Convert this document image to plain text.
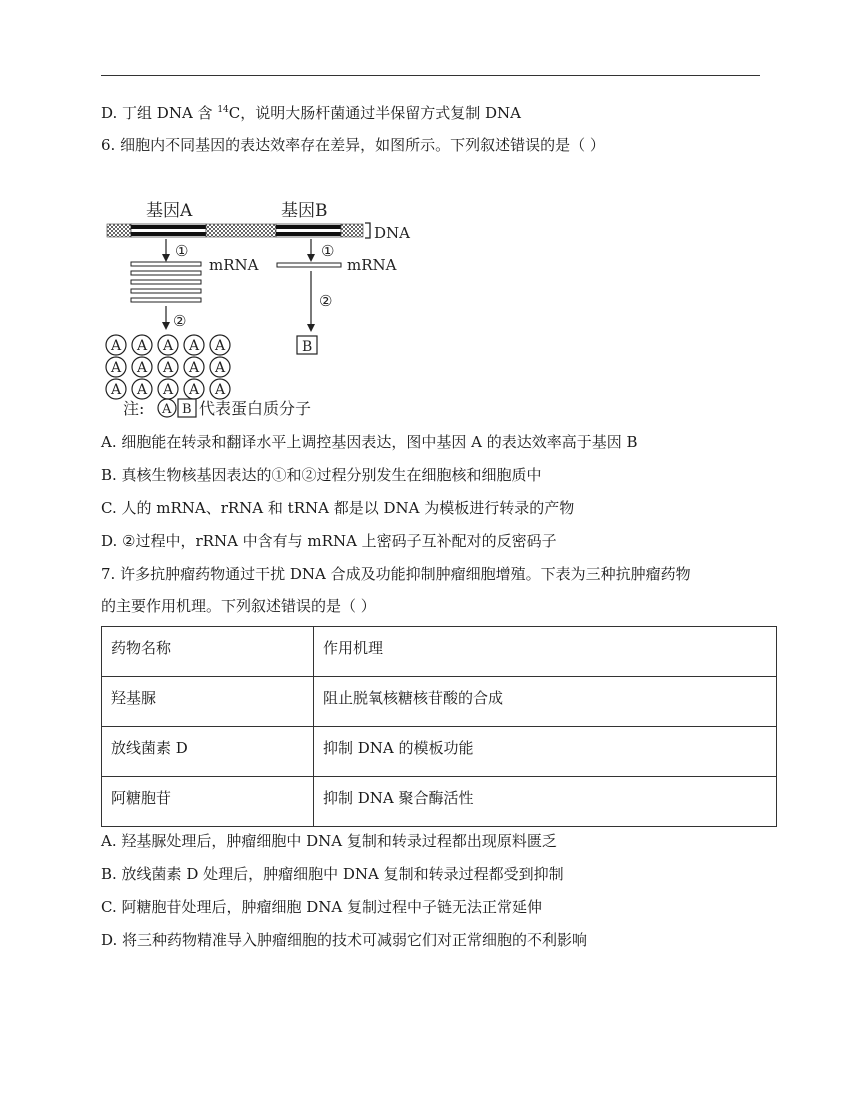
D. 丁组 DNA 含 $^{14}$C，说明大肠杆菌通过半保留方式复制 DNA
6. 细胞内不同基因的表达效率存在差异，如图所示。下列叙述错误的是（ ）
基因A	基因B
DNA
①
mRNA
①
mRNA
②
②
A A A A A
A A A A A
A A A A A
B
注: A B 代表蛋白质分子
A. 细胞能在转录和翻译水平上调控基因表达，图中基因 A 的表达效率高于基因 B
B. 真核生物核基因表达的①和②过程分别发生在细胞核和细胞质中
C. 人的 mRNA、rRNA 和 tRNA 都是以 DNA 为模板进行转录的产物
D. ②过程中，rRNA 中含有与 mRNA 上密码子互补配对的反密码子
7. 许多抗肿瘤药物通过干扰 DNA 合成及功能抑制肿瘤细胞增殖。下表为三种抗肿瘤药物
的主要作用机理。下列叙述错误的是（ ）
药物名称	作用机理

羟基脲	阻止脱氧核糖核苷酸的合成

放线菌素 D	抑制 DNA 的模板功能

阿糖胞苷	抑制 DNA 聚合酶活性
A. 羟基脲处理后，肿瘤细胞中 DNA 复制和转录过程都出现原料匮乏
B. 放线菌素 D 处理后，肿瘤细胞中 DNA 复制和转录过程都受到抑制
C. 阿糖胞苷处理后，肿瘤细胞 DNA 复制过程中子链无法正常延伸
D. 将三种药物精准导入肿瘤细胞的技术可减弱它们对正常细胞的不利影响
